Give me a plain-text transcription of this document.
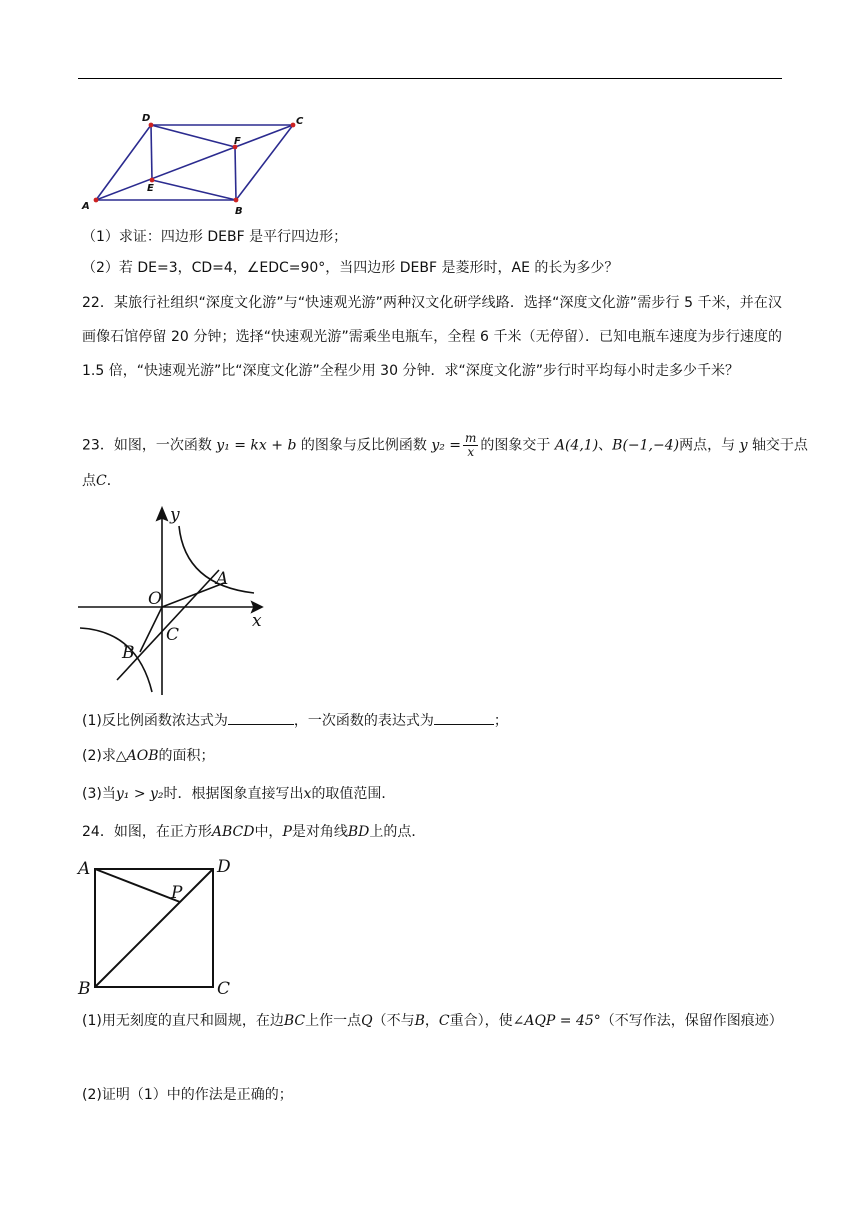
A	B
C
D
E
F
（1）求证：四边形 DEBF 是平行四边形；
（2）若 DE=3，CD=4，∠EDC=90°，当四边形 DEBF 是菱形时，AE 的长为多少？
22．某旅行社组织“深度文化游”与“快速观光游”两种汉文化研学线路．选择“深度文化游”需步行 5 千米，并在汉画像石馆停留 20 分钟；选择“快速观光游”需乘坐电瓶车，全程 6 千米（无停留）．已知电瓶车速度为步行速度的 1.5 倍，“快速观光游”比“深度文化游”全程少用 30 分钟．求“深度文化游”步行时平均每小时走多少千米？
23．如图，一次函数 y₁ = kx + b 的图象与反比例函数 $y_2 = \frac{m}{x}$ 的图象交于 A(4,1)、B(−1,−4)两点，与 y 轴交于点
点C．
y
x
O
A
B
C
(1)反比例函数浓达式为	，一次函数的表达式为	；
(2)求△AOB的面积；
(3)当y₁ > y₂时．根据图象直接写出x的取值范围．
24．如图，在正方形ABCD中，P是对角线BD上的点．
A	D
P
B	C
(1)用无刻度的直尺和圆规，在边BC上作一点Q（不与B，C重合），使∠AQP = 45°（不写作法，保留作图痕迹）
(2)证明（1）中的作法是正确的；
